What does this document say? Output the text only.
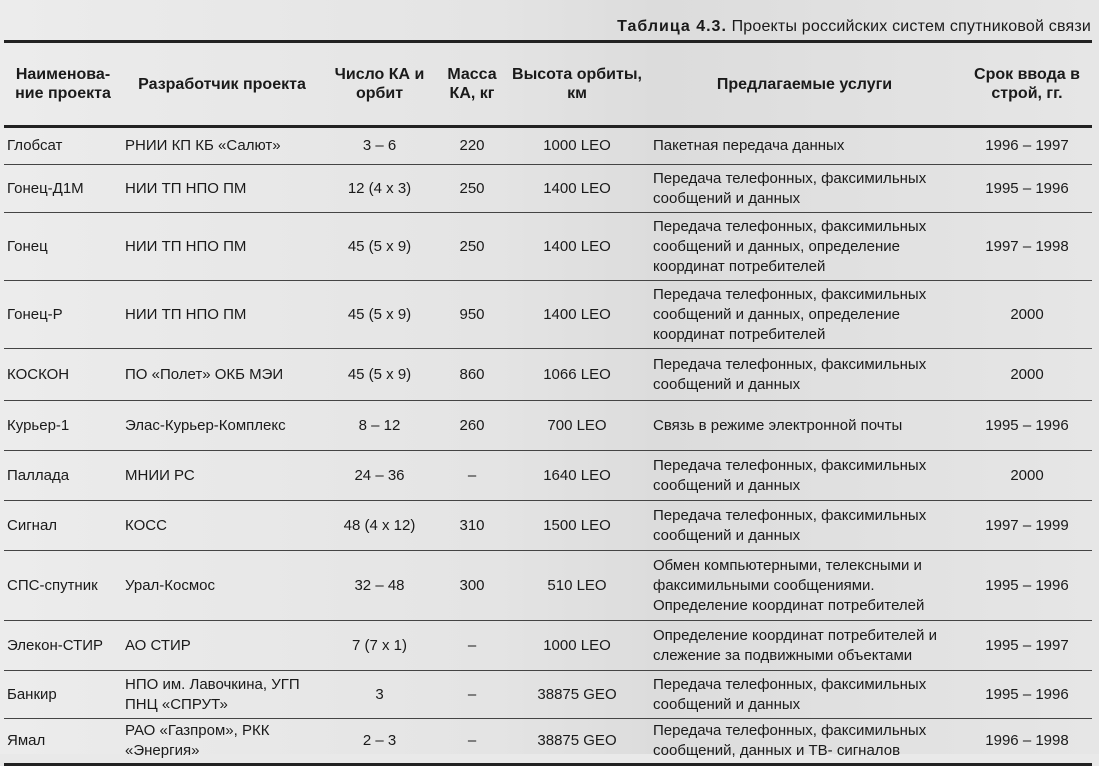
Таблица 4.3. Проекты российских систем спутниковой связи
Наименова-ние проекта	Разработчик проекта	Число КА и орбит	Масса КА, кг	Высота орбиты, км	Предлагаемые услуги	Срок ввода в строй, гг.
Глобсат	РНИИ КП КБ «Салют»	3 – 6	220	1000 LEO	Пакетная передача данных	1996 – 1997
Гонец-Д1М	НИИ ТП НПО ПМ	12 (4 х 3)	250	1400 LEO	Передача телефонных, факсимильных сообщений и данных	1995 – 1996
Гонец	НИИ ТП НПО ПМ	45 (5 х 9)	250	1400 LEO	Передача телефонных, факсимильных сообщений и данных, определение координат потребителей	1997 – 1998
Гонец-Р	НИИ ТП НПО ПМ	45 (5 х 9)	950	1400 LEO	Передача телефонных, факсимильных сообщений и данных, определение координат потребителей	2000
КОСКОН	ПО «Полет» ОКБ МЭИ	45 (5 х 9)	860	1066 LEO	Передача телефонных, факсимильных сообщений и данных	2000
Курьер-1	Элас-Курьер-Комплекс	8 – 12	260	700 LEO	Связь в режиме электронной почты	1995 – 1996
Паллада	МНИИ РС	24 – 36	–	1640 LEO	Передача телефонных, факсимильных сообщений и данных	2000
Сигнал	КОСС	48 (4 х 12)	310	1500 LEO	Передача телефонных, факсимильных сообщений и данных	1997 – 1999
СПС-спутник	Урал-Космос	32 – 48	300	510 LEO	Обмен компьютерными, телексными и факсимильными сообщениями. Определение координат потребителей	1995 – 1996
Элекон-СТИР	АО СТИР	7 (7 х 1)	–	1000 LEO	Определение координат потребителей и слежение за подвижными объектами	1995 – 1997
Банкир	НПО им. Лавочкина, УГП ПНЦ «СПРУТ»	3	–	38875 GEO	Передача телефонных, факсимильных сообщений и данных	1995 – 1996
Ямал	РАО «Газпром», РКК «Энергия»	2 – 3	–	38875 GEO	Передача телефонных, факсимильных сообщений, данных и ТВ- сигналов	1996 – 1998
